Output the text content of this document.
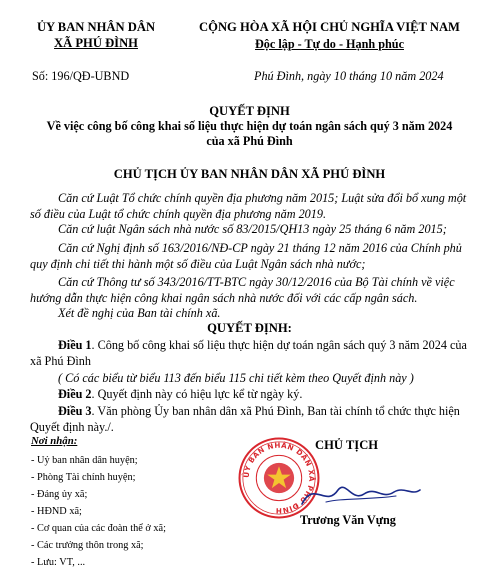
ỦY BAN NHÂN DÂN
XÃ PHÚ ĐÌNH
CỘNG HÒA XÃ HỘI CHỦ NGHĨA VIỆT NAM
Độc lập - Tự do - Hạnh phúc
Số: 196/QĐ-UBND	Phú Đình, ngày 10 tháng 10 năm 2024
QUYẾT ĐỊNH
Về việc công bố công khai số liệu thực hiện dự toán ngân sách quý 3 năm 2024
của xã Phú Đình
CHỦ TỊCH ỦY BAN NHÂN DÂN XÃ PHÚ ĐÌNH
Căn cứ Luật Tổ chức chính quyền địa phương năm 2015; Luật sửa đổi bổ xung một số điều của Luật tổ chức chính quyền địa phương năm 2019.
Căn cứ luật Ngân sách nhà nước số 83/2015/QH13 ngày 25 tháng 6 năm 2015;
Căn cứ Nghị định số 163/2016/NĐ-CP ngày 21 tháng 12 năm 2016 của Chính phủ quy định chi tiết thi hành một số điều của Luật Ngân sách nhà nước;
Căn cứ Thông tư số 343/2016/TT-BTC ngày 30/12/2016 của Bộ Tài chính về việc hướng dẫn thực hiện công khai ngân sách nhà nước đối với các cấp ngân sách.
Xét đề nghị của Ban tài chính xã.
QUYẾT ĐỊNH:
Điều 1. Công bố công khai số liệu thực hiện dự toán ngân sách quý 3 năm 2024 của xã Phú Đình
( Có các biểu từ biểu 113 đến biểu 115 chi tiết kèm theo Quyết định này )
Điều 2. Quyết định này có hiệu lực kể từ ngày ký.
Điều 3. Văn phòng Ủy ban nhân dân xã Phú Đình, Ban tài chính tổ chức thực hiện Quyết định này./.
Nơi nhận:
- Uỷ ban nhân dân huyện;
- Phòng Tài chính huyện;
- Đảng ủy xã;
- HĐND xã;
- Cơ quan của các đoàn thể ở xã;
- Các trưởng thôn trong xã;
- Lưu: VT, ...
CHỦ TỊCH
ỦY BAN NHÂN DÂN XÃ PHÚ ĐÌNH
Trương Văn Vựng
